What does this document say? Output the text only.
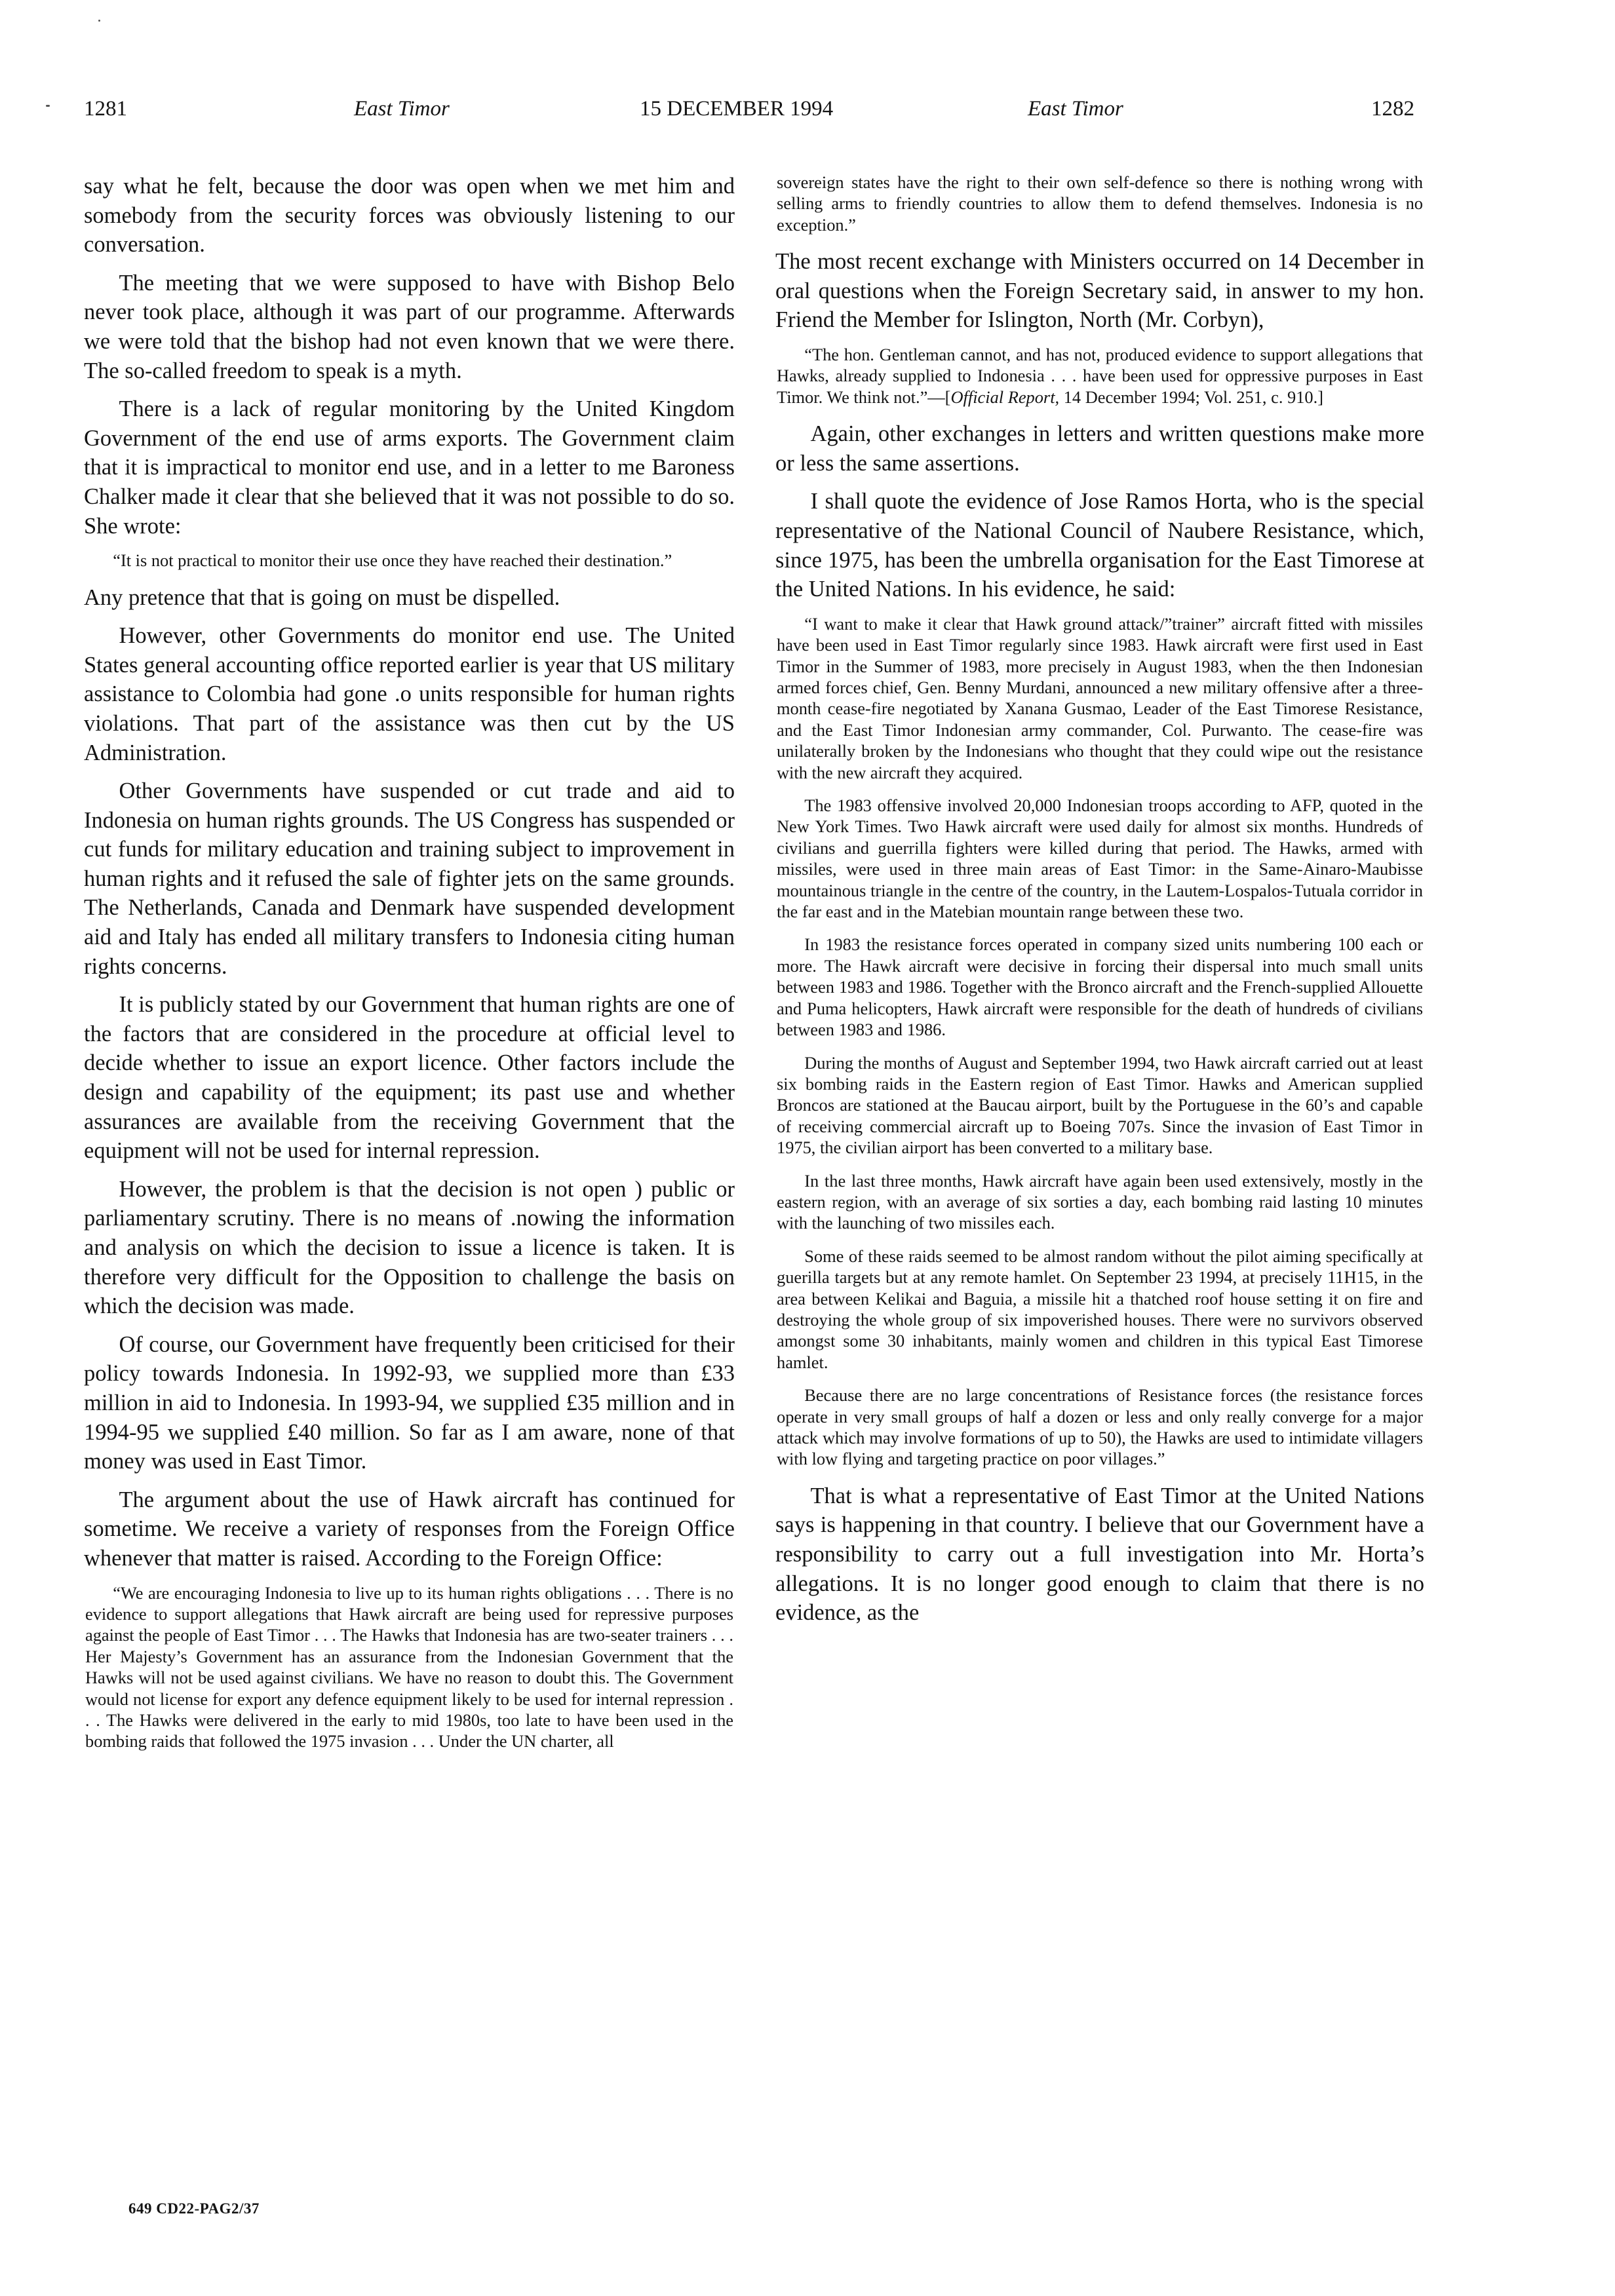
1281	East Timor	15 DECEMBER 1994	East Timor	1282

say what he felt, because the door was open when we met him and somebody from the security forces was obviously listening to our conversation.

The meeting that we were supposed to have with Bishop Belo never took place, although it was part of our programme. Afterwards we were told that the bishop had not even known that we were there. The so-called freedom to speak is a myth.

There is a lack of regular monitoring by the United Kingdom Government of the end use of arms exports. The Government claim that it is impractical to monitor end use, and in a letter to me Baroness Chalker made it clear that she believed that it was not possible to do so. She wrote:

“It is not practical to monitor their use once they have reached their destination.”

Any pretence that that is going on must be dispelled.

However, other Governments do monitor end use. The United States general accounting office reported earlier is year that US military assistance to Colombia had gone .o units responsible for human rights violations. That part of the assistance was then cut by the US Administration.

Other Governments have suspended or cut trade and aid to Indonesia on human rights grounds. The US Congress has suspended or cut funds for military education and training subject to improvement in human rights and it refused the sale of fighter jets on the same grounds. The Netherlands, Canada and Denmark have suspended development aid and Italy has ended all military transfers to Indonesia citing human rights concerns.

It is publicly stated by our Government that human rights are one of the factors that are considered in the procedure at official level to decide whether to issue an export licence. Other factors include the design and capability of the equipment; its past use and whether assurances are available from the receiving Government that the equipment will not be used for internal repression.

However, the problem is that the decision is not open ) public or parliamentary scrutiny. There is no means of .nowing the information and analysis on which the decision to issue a licence is taken. It is therefore very difficult for the Opposition to challenge the basis on which the decision was made.

Of course, our Government have frequently been criticised for their policy towards Indonesia. In 1992-93, we supplied more than £33 million in aid to Indonesia. In 1993-94, we supplied £35 million and in 1994-95 we supplied £40 million. So far as I am aware, none of that money was used in East Timor.

The argument about the use of Hawk aircraft has continued for sometime. We receive a variety of responses from the Foreign Office whenever that matter is raised. According to the Foreign Office:

“We are encouraging Indonesia to live up to its human rights obligations . . . There is no evidence to support allegations that Hawk aircraft are being used for repressive purposes against the people of East Timor . . . The Hawks that Indonesia has are two-seater trainers . . . Her Majesty’s Government has an assurance from the Indonesian Government that the Hawks will not be used against civilians. We have no reason to doubt this. The Government would not license for export any defence equipment likely to be used for internal repression . . . The Hawks were delivered in the early to mid 1980s, too late to have been used in the bombing raids that followed the 1975 invasion . . . Under the UN charter, all

sovereign states have the right to their own self-defence so there is nothing wrong with selling arms to friendly countries to allow them to defend themselves. Indonesia is no exception.”

The most recent exchange with Ministers occurred on 14 December in oral questions when the Foreign Secretary said, in answer to my hon. Friend the Member for Islington, North (Mr. Corbyn),

“The hon. Gentleman cannot, and has not, produced evidence to support allegations that Hawks, already supplied to Indonesia . . . have been used for oppressive purposes in East Timor. We think not.”—[Official Report, 14 December 1994; Vol. 251, c. 910.]

Again, other exchanges in letters and written questions make more or less the same assertions.

I shall quote the evidence of Jose Ramos Horta, who is the special representative of the National Council of Naubere Resistance, which, since 1975, has been the umbrella organisation for the East Timorese at the United Nations. In his evidence, he said:

“I want to make it clear that Hawk ground attack/”trainer” aircraft fitted with missiles have been used in East Timor regularly since 1983. Hawk aircraft were first used in East Timor in the Summer of 1983, more precisely in August 1983, when the then Indonesian armed forces chief, Gen. Benny Murdani, announced a new military offensive after a three-month cease-fire negotiated by Xanana Gusmao, Leader of the East Timorese Resistance, and the East Timor Indonesian army commander, Col. Purwanto. The cease-fire was unilaterally broken by the Indonesians who thought that they could wipe out the resistance with the new aircraft they acquired.

The 1983 offensive involved 20,000 Indonesian troops according to AFP, quoted in the New York Times. Two Hawk aircraft were used daily for almost six months. Hundreds of civilians and guerrilla fighters were killed during that period. The Hawks, armed with missiles, were used in three main areas of East Timor: in the Same-Ainaro-Maubisse mountainous triangle in the centre of the country, in the Lautem-Lospalos-Tutuala corridor in the far east and in the Matebian mountain range between these two.

In 1983 the resistance forces operated in company sized units numbering 100 each or more. The Hawk aircraft were decisive in forcing their dispersal into much small units between 1983 and 1986. Together with the Bronco aircraft and the French-supplied Allouette and Puma helicopters, Hawk aircraft were responsible for the death of hundreds of civilians between 1983 and 1986.

During the months of August and September 1994, two Hawk aircraft carried out at least six bombing raids in the Eastern region of East Timor. Hawks and American supplied Broncos are stationed at the Baucau airport, built by the Portuguese in the 60’s and capable of receiving commercial aircraft up to Boeing 707s. Since the invasion of East Timor in 1975, the civilian airport has been converted to a military base.

In the last three months, Hawk aircraft have again been used extensively, mostly in the eastern region, with an average of six sorties a day, each bombing raid lasting 10 minutes with the launching of two missiles each.

Some of these raids seemed to be almost random without the pilot aiming specifically at guerilla targets but at any remote hamlet. On September 23 1994, at precisely 11H15, in the area between Kelikai and Baguia, a missile hit a thatched roof house setting it on fire and destroying the whole group of six impoverished houses. There were no survivors observed amongst some 30 inhabitants, mainly women and children in this typical East Timorese hamlet.

Because there are no large concentrations of Resistance forces (the resistance forces operate in very small groups of half a dozen or less and only really converge for a major attack which may involve formations of up to 50), the Hawks are used to intimidate villagers with low flying and targeting practice on poor villages.”

That is what a representative of East Timor at the United Nations says is happening in that country. I believe that our Government have a responsibility to carry out a full investigation into Mr. Horta’s allegations. It is no longer good enough to claim that there is no evidence, as the

649 CD22-PAG2/37
